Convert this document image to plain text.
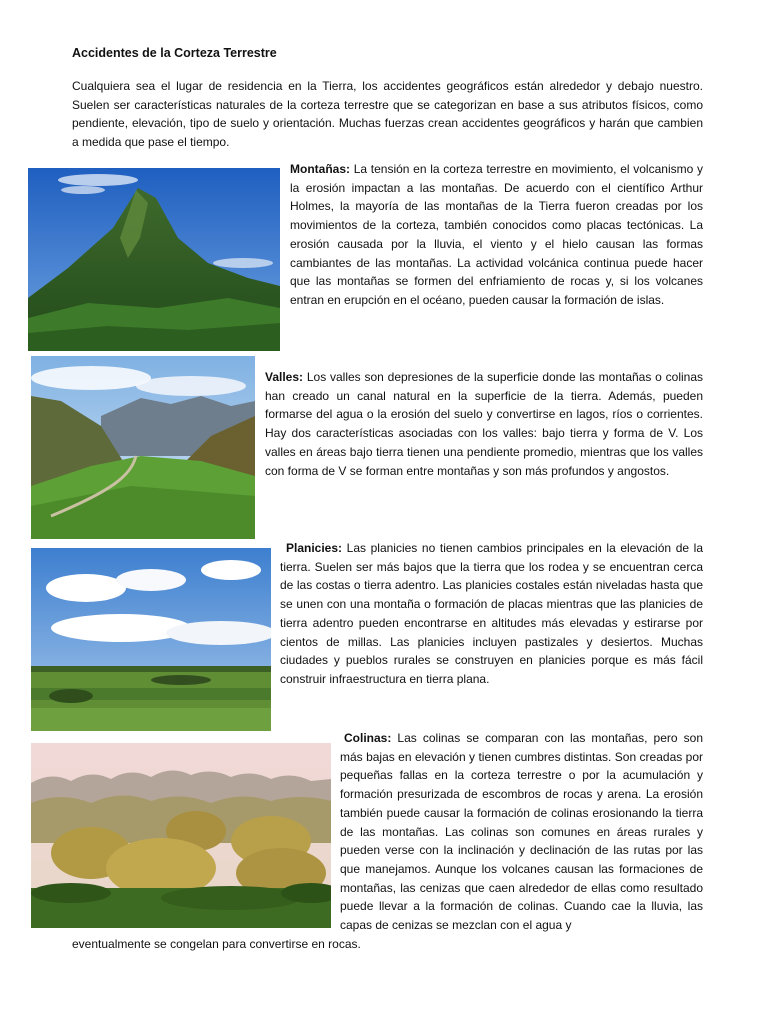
Accidentes de la Corteza Terrestre
Cualquiera sea el lugar de residencia en la Tierra, los accidentes geográficos están alrededor y debajo nuestro. Suelen ser características naturales de la corteza terrestre que se categorizan en base a sus atributos físicos, como pendiente, elevación, tipo de suelo y orientación. Muchas fuerzas crean accidentes geográficos y harán que cambien a medida que pase el tiempo.
Montañas: La tensión en la corteza terrestre en movimiento, el volcanismo y la erosión impactan a las montañas. De acuerdo con el científico Arthur Holmes, la mayoría de las montañas de la Tierra fueron creadas por los movimientos de la corteza, también conocidos como placas tectónicas. La erosión causada por la lluvia, el viento y el hielo causan las formas cambiantes de las montañas. La actividad volcánica continua puede hacer que las montañas se formen del enfriamiento de rocas y, si los volcanes entran en erupción en el océano, pueden causar la formación de islas.
Valles: Los valles son depresiones de la superficie donde las montañas o colinas han creado un canal natural en la superficie de la tierra. Además, pueden formarse del agua o la erosión del suelo y convertirse en lagos, ríos o corrientes. Hay dos características asociadas con los valles: bajo tierra y forma de V. Los valles en áreas bajo tierra tienen una pendiente promedio, mientras que los valles con forma de V se forman entre montañas y son más profundos y angostos.
Planicies: Las planicies no tienen cambios principales en la elevación de la tierra. Suelen ser más bajos que la tierra que los rodea y se encuentran cerca de las costas o tierra adentro. Las planicies costales están niveladas hasta que se unen con una montaña o formación de placas mientras que las planicies de tierra adentro pueden encontrarse en altitudes más elevadas y estirarse por cientos de millas. Las planicies incluyen pastizales y desiertos. Muchas ciudades y pueblos rurales se construyen en planicies porque es más fácil construir infraestructura en tierra plana.
Colinas: Las colinas se comparan con las montañas, pero son más bajas en elevación y tienen cumbres distintas. Son creadas por pequeñas fallas en la corteza terrestre o por la acumulación y formación presurizada de escombros de rocas y arena. La erosión también puede causar la formación de colinas erosionando la tierra de las montañas. Las colinas son comunes en áreas rurales y pueden verse con la inclinación y declinación de las rutas por las que manejamos. Aunque los volcanes causan las formaciones de montañas, las cenizas que caen alrededor de ellas como resultado puede llevar a la formación de colinas. Cuando cae la lluvia, las capas de cenizas se mezclan con el agua y
eventualmente se congelan para convertirse en rocas.
